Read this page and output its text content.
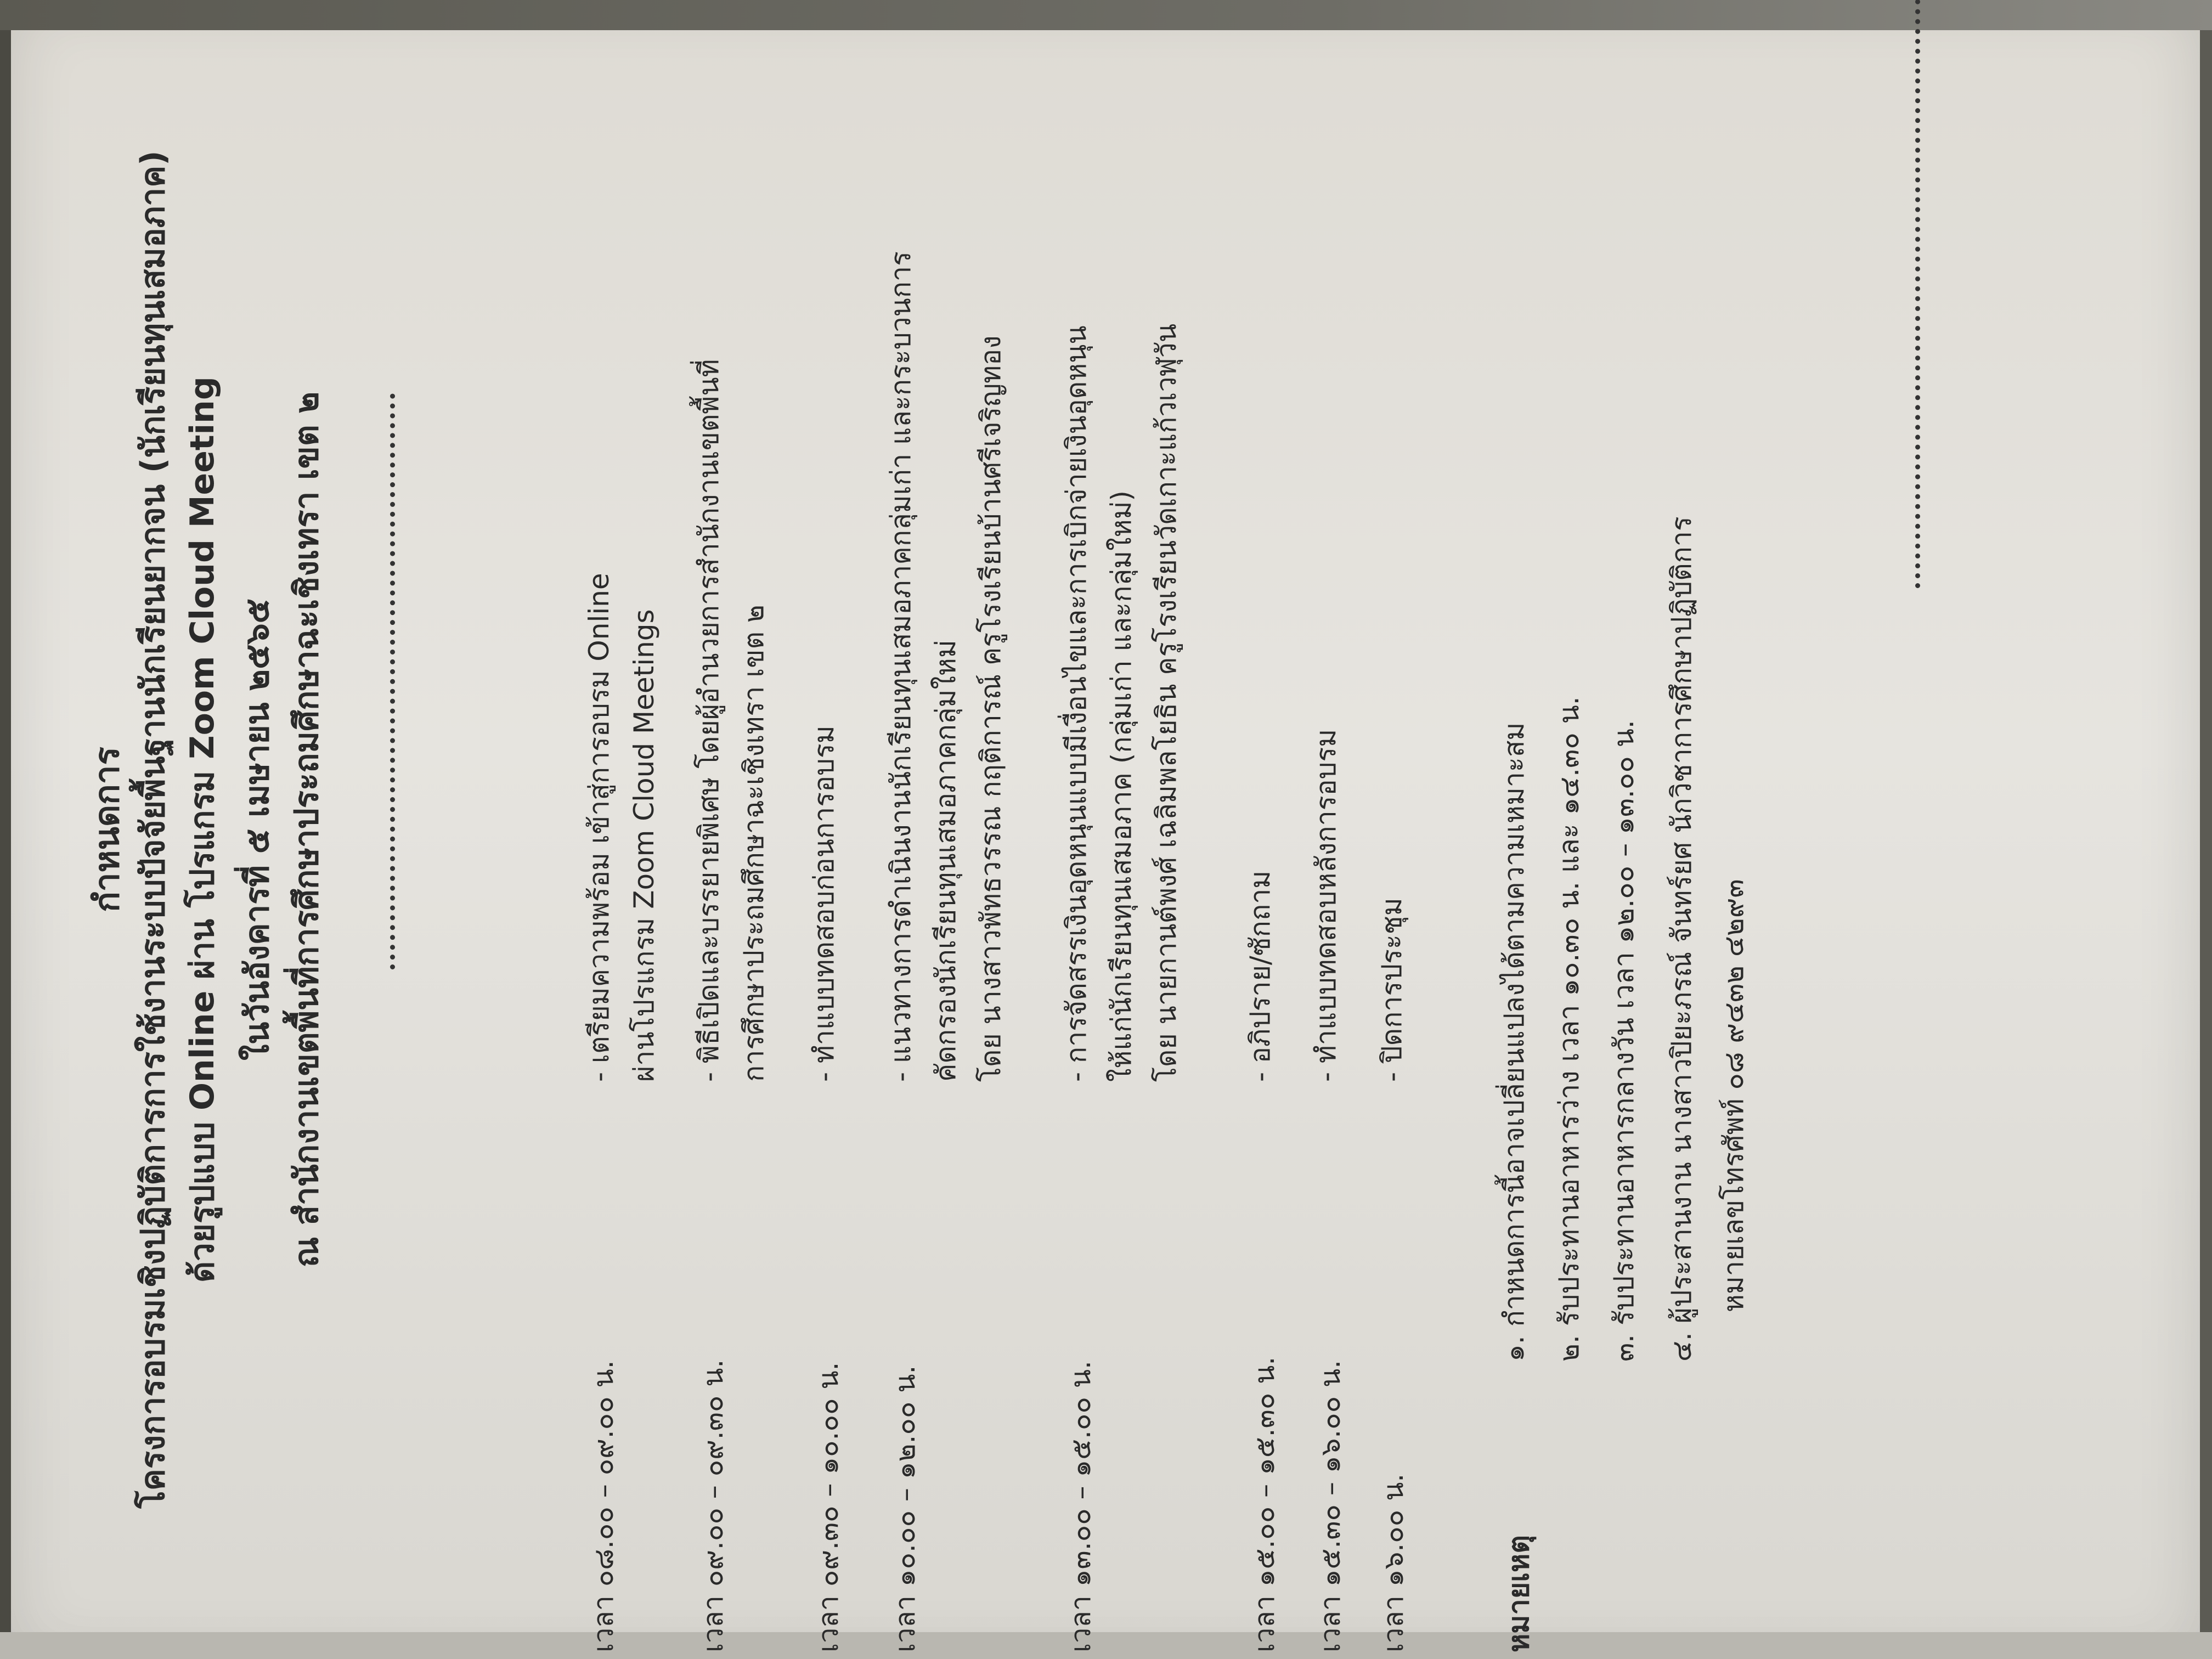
กำหนดการ โครงการอบรมเชิงปฏิบัติการการใช้งานระบบปัจจัยพื้นฐานนักเรียนยากจน (นักเรียนทุนเสมอภาค) ด้วยรูปแบบ Online ผ่าน โปรแกรม Zoom Cloud Meeting ในวันอังคารที่ ๕ เมษายน ๒๕๖๕ ณ สำนักงานเขตพื้นที่การศึกษาประถมศึกษาฉะเชิงเทรา เขต ๒
เวลา ๐๘.๐๐ – ๐๙.๐๐ น.
- เตรียมความพร้อม เข้าสู่การอบรม Online ผ่านโปรแกรม Zoom Cloud Meetings
เวลา ๐๙.๐๐ – ๐๙.๓๐ น.
- พิธีเปิดและบรรยายพิเศษ โดยผู้อำนวยการสำนักงานเขตพื้นที่ การศึกษาประถมศึกษาฉะเชิงเทรา เขต ๒
เวลา ๐๙.๓๐ – ๑๐.๐๐ น.
- ทำแบบทดสอบก่อนการอบรม
เวลา ๑๐.๐๐ – ๑๒.๐๐ น.
- แนวทางการดำเนินงานนักเรียนทุนเสมอภาคกลุ่มเก่า และกระบวนการ คัดกรองนักเรียนทุนเสมอภาคกลุ่มใหม่ โดย นางสาวพัทธวรรณ กฤติการณ์ ครูโรงเรียนบ้านศรีเจริญทอง
เวลา ๑๓.๐๐ – ๑๕.๐๐ น.
- การจัดสรรเงินอุดหนุนแบบมีเงื่อนไขและการเบิกจ่ายเงินอุดหนุน ให้แก่นักเรียนทุนเสมอภาค (กลุ่มเก่า และกลุ่มใหม่) โดย นายกานต์พงศ์ เฉลิมพลโยธิน ครูโรงเรียนวัดเกาะแก้วเวฬุวัน
เวลา ๑๕.๐๐ – ๑๕.๓๐ น.
- อภิปราย/ซักถาม
เวลา ๑๕.๓๐ – ๑๖.๐๐ น.
- ทำแบบทดสอบหลังการอบรม
เวลา ๑๖.๐๐ น.
- ปิดการประชุม
หมายเหตุ
๑. กำหนดการนี้อาจเปลี่ยนแปลงได้ตามความเหมาะสม ๒. รับประทานอาหารว่าง เวลา ๑๐.๓๐ น. และ ๑๔.๓๐ น. ๓. รับประทานอาหารกลางวัน เวลา ๑๒.๐๐ – ๑๓.๐๐ น. ๔. ผู้ประสานงาน นางสาวปิยะภรณ์ จันทร์ยศ นักวิชาการศึกษาปฏิบัติการ หมายเลขโทรศัพท์ ๐๘ ๙๔๓๒ ๔๒๙๓
